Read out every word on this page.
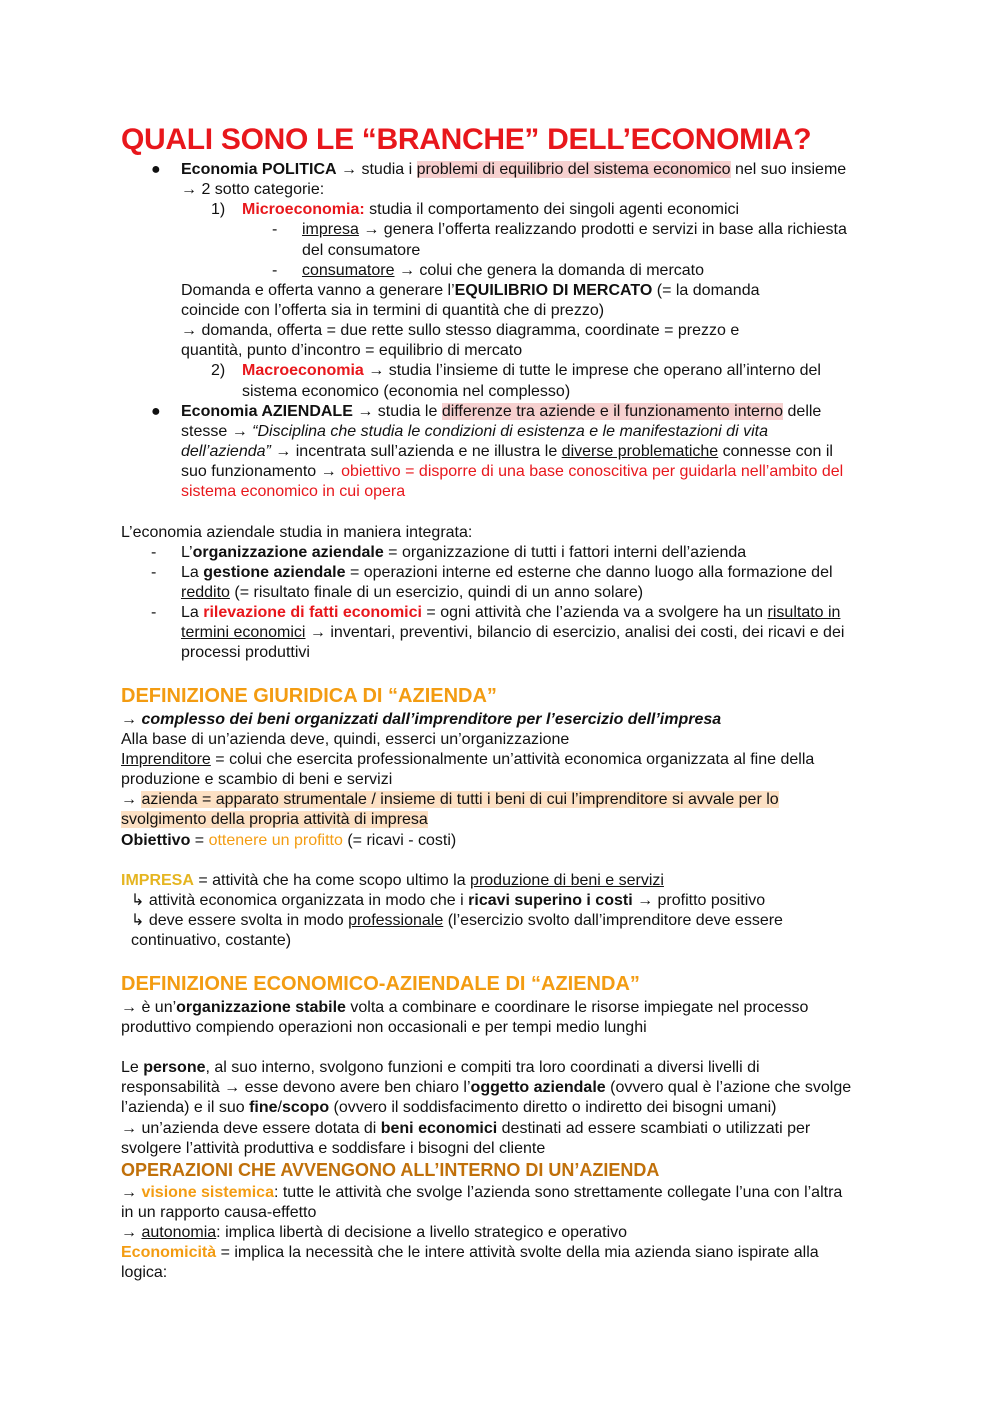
QUALI SONO LE “BRANCHE” DELL’ECONOMIA?
● Economia POLITICA → studia i problemi di equilibrio del sistema economico nel suo insieme
→ 2 sotto categorie:
1) Microeconomia: studia il comportamento dei singoli agenti economici
- impresa → genera l’offerta realizzando prodotti e servizi in base alla richiesta
del consumatore
- consumatore → colui che genera la domanda di mercato
Domanda e offerta vanno a generare l’EQUILIBRIO DI MERCATO (= la domanda
coincide con l’offerta sia in termini di quantità che di prezzo)
→ domanda, offerta = due rette sullo stesso diagramma, coordinate = prezzo e
quantità, punto d’incontro = equilibrio di mercato
2) Macroeconomia → studia l’insieme di tutte le imprese che operano all’interno del
sistema economico (economia nel complesso)
● Economia AZIENDALE → studia le differenze tra aziende e il funzionamento interno delle
stesse → “Disciplina che studia le condizioni di esistenza e le manifestazioni di vita
dell’azienda” → incentrata sull’azienda e ne illustra le diverse problematiche connesse con il
suo funzionamento → obiettivo = disporre di una base conoscitiva per guidarla nell’ambito del
sistema economico in cui opera
L’economia aziendale studia in maniera integrata:
- L’organizzazione aziendale = organizzazione di tutti i fattori interni dell’azienda
- La gestione aziendale = operazioni interne ed esterne che danno luogo alla formazione del
reddito (= risultato finale di un esercizio, quindi di un anno solare)
- La rilevazione di fatti economici = ogni attività che l’azienda va a svolgere ha un risultato in
termini economici → inventari, preventivi, bilancio di esercizio, analisi dei costi, dei ricavi e dei
processi produttivi
DEFINIZIONE GIURIDICA DI “AZIENDA”
→ complesso dei beni organizzati dall’imprenditore per l’esercizio dell’impresa
Alla base di un’azienda deve, quindi, esserci un’organizzazione
Imprenditore = colui che esercita professionalmente un’attività economica organizzata al fine della
produzione e scambio di beni e servizi
→ azienda = apparato strumentale / insieme di tutti i beni di cui l’imprenditore si avvale per lo
svolgimento della propria attività di impresa
Obiettivo = ottenere un profitto (= ricavi - costi)
IMPRESA = attività che ha come scopo ultimo la produzione di beni e servizi
↳ attività economica organizzata in modo che i ricavi superino i costi → profitto positivo
↳ deve essere svolta in modo professionale (l’esercizio svolto dall’imprenditore deve essere
continuativo, costante)
DEFINIZIONE ECONOMICO-AZIENDALE DI “AZIENDA”
→ è un’organizzazione stabile volta a combinare e coordinare le risorse impiegate nel processo
produttivo compiendo operazioni non occasionali e per tempi medio lunghi
Le persone, al suo interno, svolgono funzioni e compiti tra loro coordinati a diversi livelli di
responsabilità → esse devono avere ben chiaro l’oggetto aziendale (ovvero qual è l’azione che svolge
l’azienda) e il suo fine/scopo (ovvero il soddisfacimento diretto o indiretto dei bisogni umani)
→ un’azienda deve essere dotata di beni economici destinati ad essere scambiati o utilizzati per
svolgere l’attività produttiva e soddisfare i bisogni del cliente
OPERAZIONI CHE AVVENGONO ALL’INTERNO DI UN’AZIENDA
→ visione sistemica: tutte le attività che svolge l’azienda sono strettamente collegate l’una con l’altra
in un rapporto causa-effetto
→ autonomia: implica libertà di decisione a livello strategico e operativo
Economicità = implica la necessità che le intere attività svolte della mia azienda siano ispirate alla
logica:
